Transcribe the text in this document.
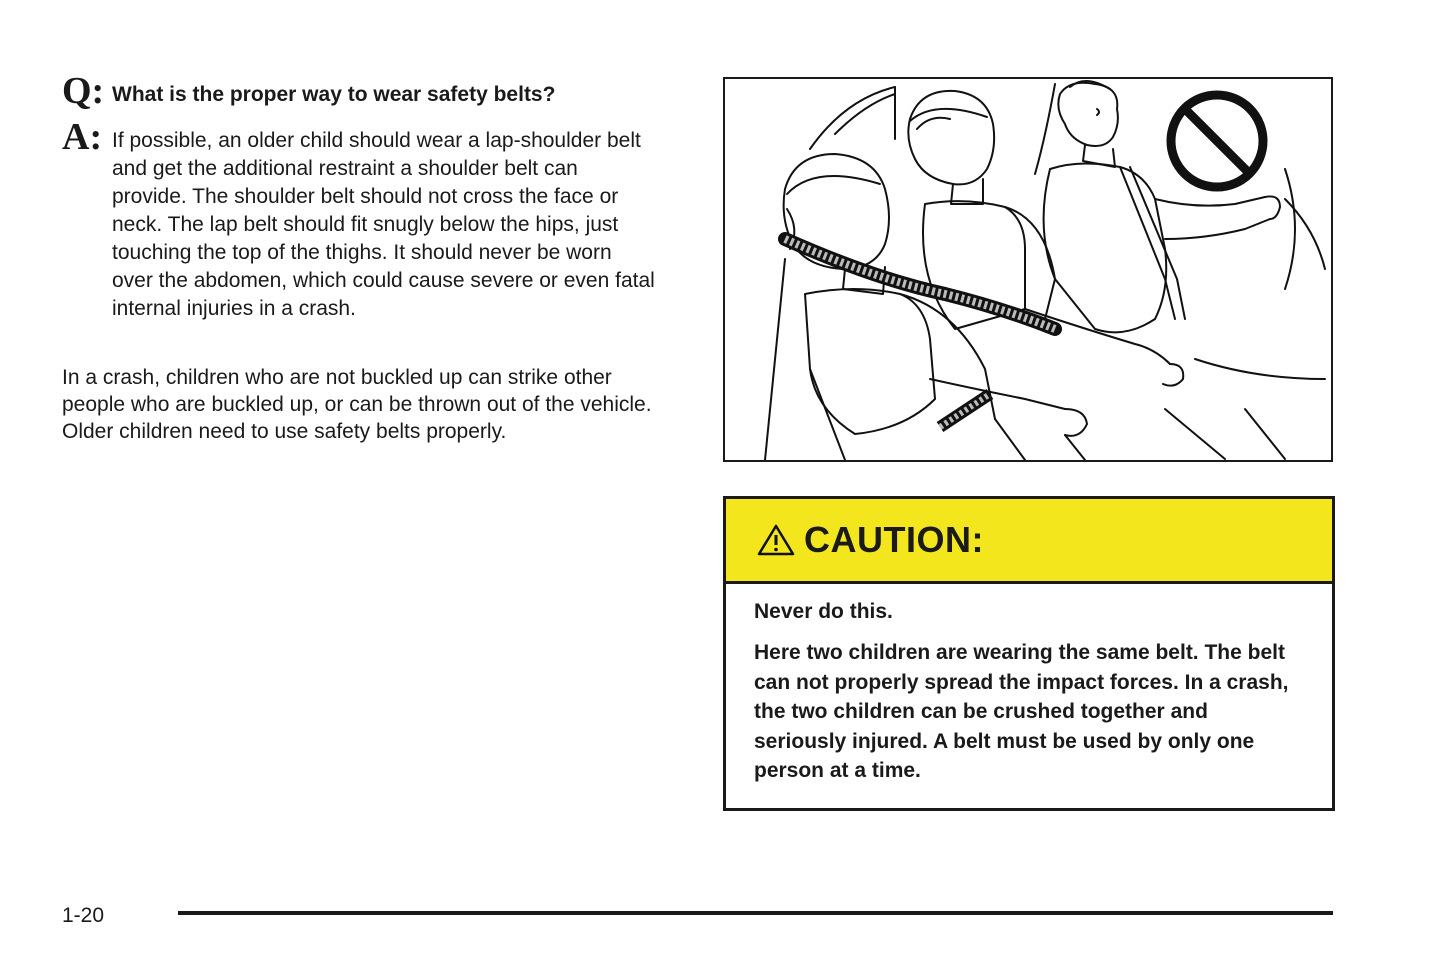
Q: What is the proper way to wear safety belts?
A: If possible, an older child should wear a lap-shoulder belt and get the additional restraint a shoulder belt can provide. The shoulder belt should not cross the face or neck. The lap belt should fit snugly below the hips, just touching the top of the thighs. It should never be worn over the abdomen, which could cause severe or even fatal internal injuries in a crash.

In a crash, children who are not buckled up can strike other people who are buckled up, or can be thrown out of the vehicle. Older children need to use safety belts properly.

CAUTION:

Never do this.

Here two children are wearing the same belt. The belt can not properly spread the impact forces. In a crash, the two children can be crushed together and seriously injured. A belt must be used by only one person at a time.

1-20
